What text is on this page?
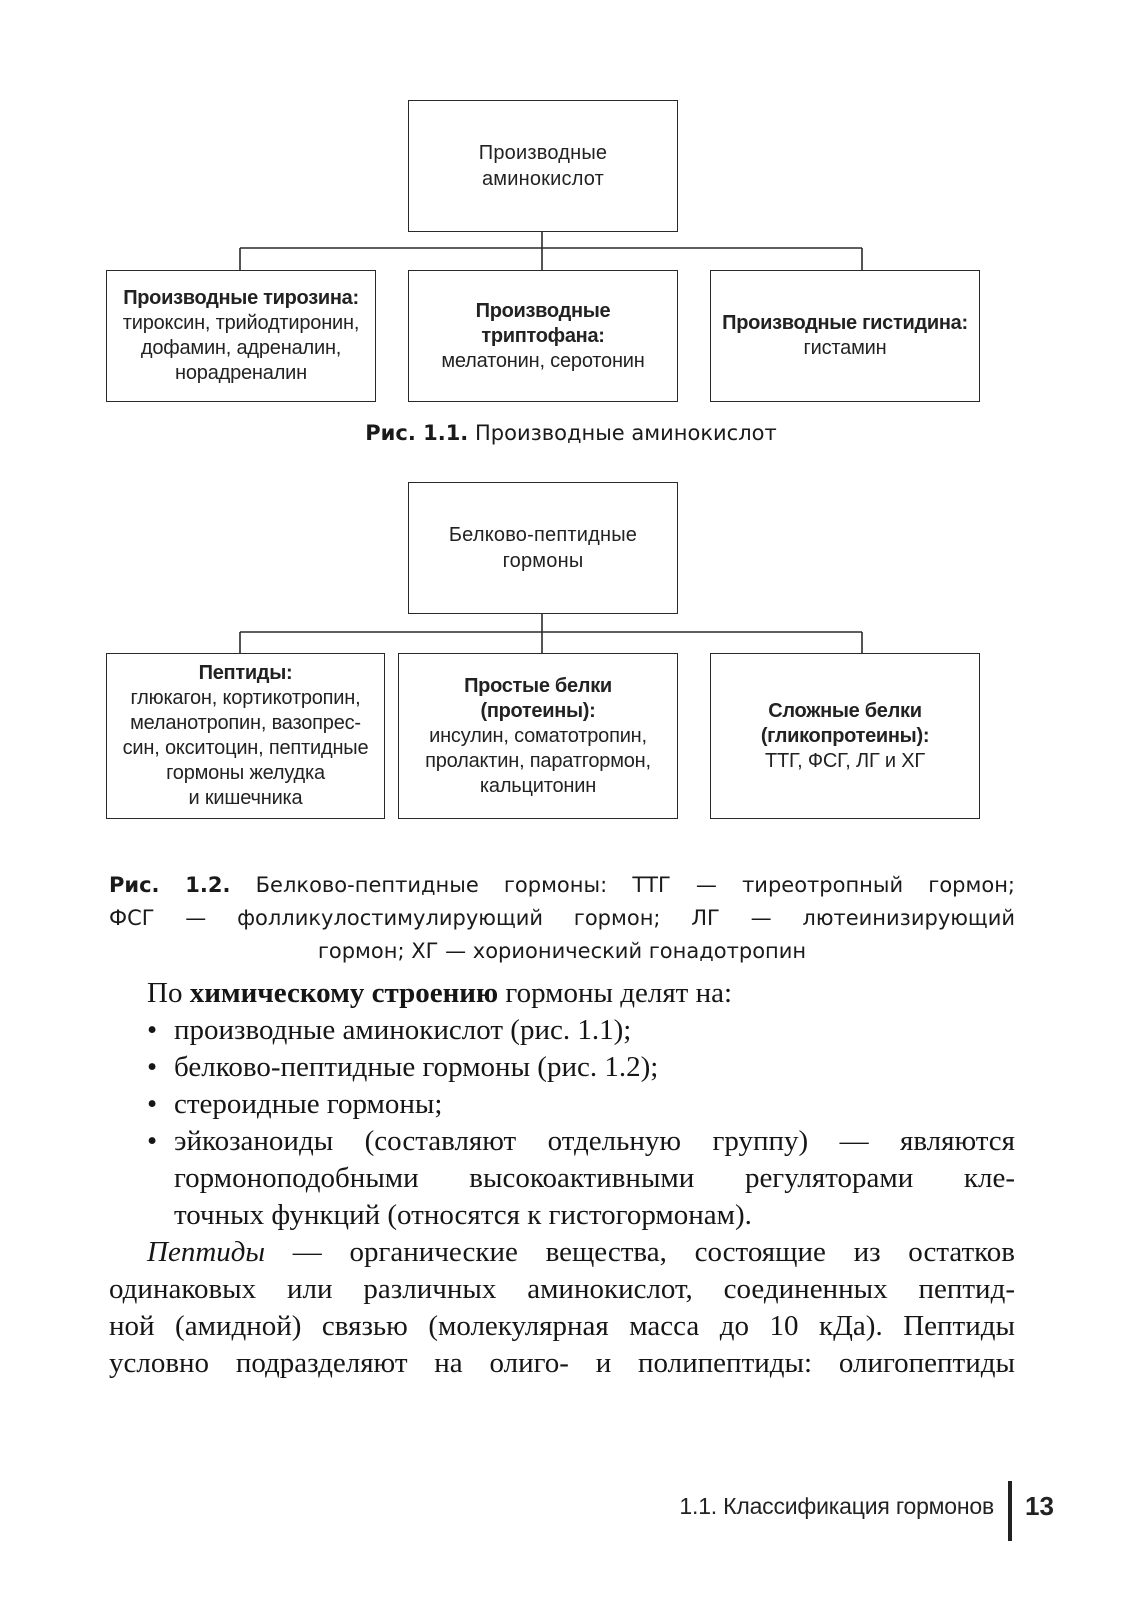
Производные
аминокислот
Производные тирозина:
тироксин, трийодтиронин,
дофамин, адреналин,
норадреналин
Производные триптофана:
мелатонин, серотонин
Производные гистидина:
гистамин
Рис. 1.1. Производные аминокислот
Белково-пептидные
гормоны
Пептиды:
глюкагон, кортикотропин,
меланотропин, вазопрес-
син, окситоцин, пептидные
гормоны желудка
и кишечника
Простые белки (протеины):
инсулин, соматотропин,
пролактин, паратгормон,
кальцитонин
Сложные белки
(гликопротеины):
ТТГ, ФСГ, ЛГ и ХГ
Рис. 1.2. Белково-пептидные гормоны: ТТГ — тиреотропный гормон;
ФСГ — фолликулостимулирующий гормон; ЛГ — лютеинизирующий
гормон; ХГ — хорионический гонадотропин
По химическому строению гормоны делят на:
• производные аминокислот (рис. 1.1);
• белково-пептидные гормоны (рис. 1.2);
• стероидные гормоны;
• эйкозаноиды (составляют отдельную группу) — являются
гормоноподобными высокоактивными регуляторами кле-
точных функций (относятся к гистогормонам).
Пептиды — органические вещества, состоящие из остатков
одинаковых или различных аминокислот, соединенных пептид-
ной (амидной) связью (молекулярная масса до 10 кДа). Пептиды
условно подразделяют на олиго- и полипептиды: олигопептиды
1.1. Классификация гормонов 13
